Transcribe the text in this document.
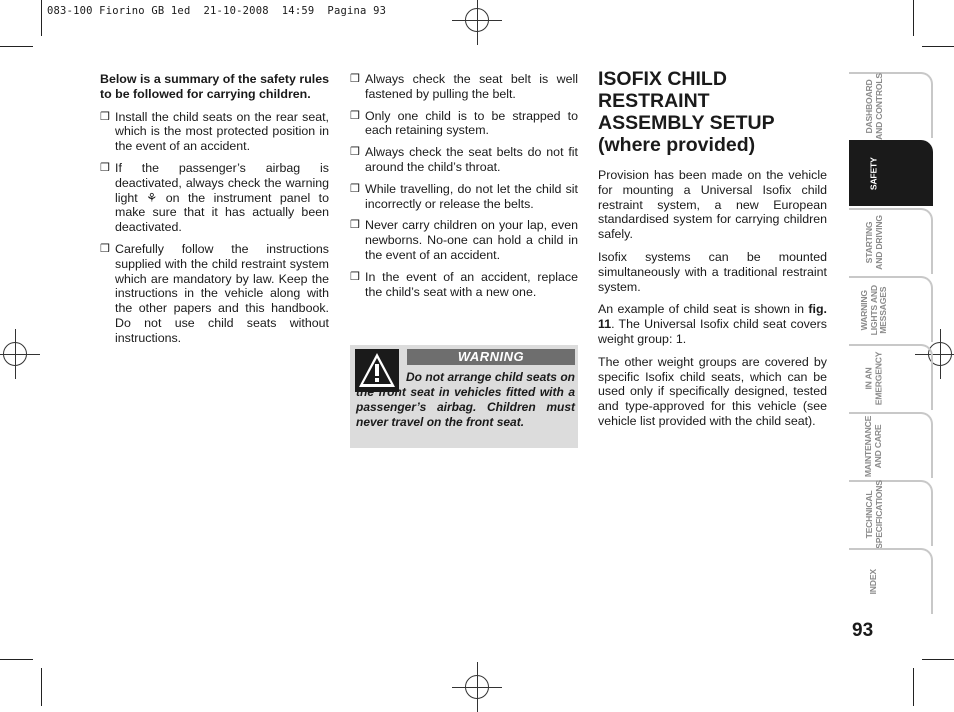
083-100 Fiorino GB 1ed  21-10-2008  14:59  Pagina 93

Below is a summary of the safety rules to be followed for carrying children.

❒ Install the child seats on the rear seat, which is the most protected position in the event of an accident.

❒ If the passenger’s airbag is deactivated, always check the warning light ⚘ on the instrument panel to make sure that it has actually been deactivated.

❒ Carefully follow the instructions supplied with the child restraint system which are mandatory by law. Keep the instructions in the vehicle along with the other papers and this handbook. Do not use child seats without instructions.

❒ Always check the seat belt is well fastened by pulling the belt.

❒ Only one child is to be strapped to each retaining system.

❒ Always check the seat belts do not fit around the child’s throat.

❒ While travelling, do not let the child sit incorrectly or release the belts.

❒ Never carry children on your lap, even newborns. No-one can hold a child in the event of an accident.

❒ In the event of an accident, replace the child’s seat with a new one.

WARNING
Do not arrange child seats on the front seat in vehicles fitted with a passenger’s airbag. Children must never travel on the front seat.
ISOFIX CHILD
RESTRAINT
ASSEMBLY SETUP
(where provided)

Provision has been made on the vehicle for mounting a Universal Isofix child restraint system, a new European standardised system for carrying children safely.

Isofix systems can be mounted simultaneously with a traditional restraint system.

An example of child seat is shown in fig. 11. The Universal Isofix child seat covers weight group: 1.

The other weight groups are covered by specific Isofix child seats, which can be used only if specifically designed, tested and type-approved for this vehicle (see vehicle list provided with the child seat).

DASHBOARD
AND CONTROLS
SAFETY
STARTING
AND DRIVING
WARNING
LIGHTS AND
MESSAGES
IN AN
EMERGENCY
MAINTENANCE
AND CARE
TECHNICAL
SPECIFICATIONS
INDEX
93
